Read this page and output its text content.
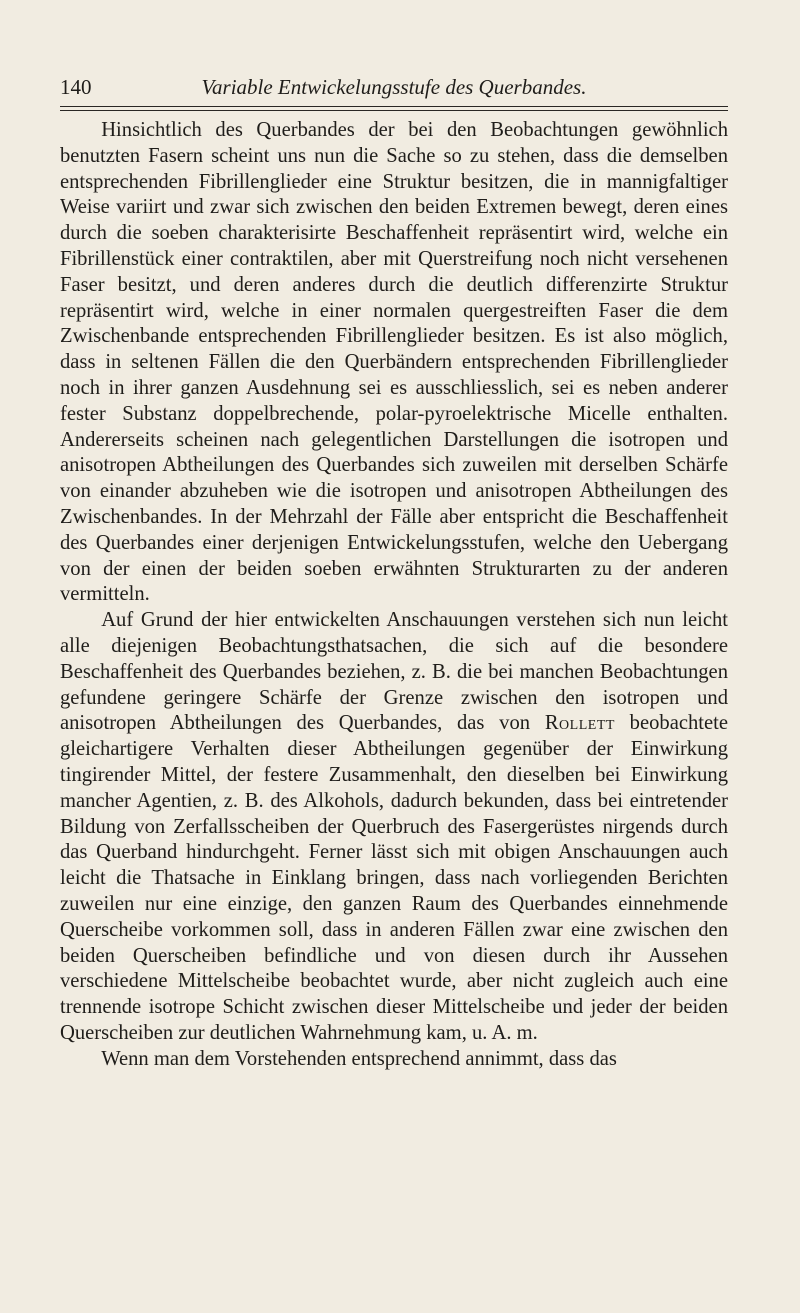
140	Variable Entwickelungsstufe des Querbandes.

Hinsichtlich des Querbandes der bei den Beobachtungen gewöhnlich benutzten Fasern scheint uns nun die Sache so zu stehen, dass die demselben entsprechenden Fibrillenglieder eine Struktur besitzen, die in mannigfaltiger Weise variirt und zwar sich zwischen den beiden Extremen bewegt, deren eines durch die soeben charakterisirte Beschaffenheit repräsentirt wird, welche ein Fibrillenstück einer contraktilen, aber mit Querstreifung noch nicht versehenen Faser besitzt, und deren anderes durch die deutlich differenzirte Struktur repräsentirt wird, welche in einer normalen quergestreiften Faser die dem Zwischenbande entsprechenden Fibrillenglieder besitzen. Es ist also möglich, dass in seltenen Fällen die den Querbändern entsprechenden Fibrillenglieder noch in ihrer ganzen Ausdehnung sei es ausschliesslich, sei es neben anderer fester Substanz doppelbrechende, polar-pyroelektrische Micelle enthalten. Andererseits scheinen nach gelegentlichen Darstellungen die isotropen und anisotropen Abtheilungen des Querbandes sich zuweilen mit derselben Schärfe von einander abzuheben wie die isotropen und anisotropen Abtheilungen des Zwischenbandes. In der Mehrzahl der Fälle aber entspricht die Beschaffenheit des Querbandes einer derjenigen Entwickelungsstufen, welche den Uebergang von der einen der beiden soeben erwähnten Strukturarten zu der anderen vermitteln.

Auf Grund der hier entwickelten Anschauungen verstehen sich nun leicht alle diejenigen Beobachtungsthatsachen, die sich auf die besondere Beschaffenheit des Querbandes beziehen, z. B. die bei manchen Beobachtungen gefundene geringere Schärfe der Grenze zwischen den isotropen und anisotropen Abtheilungen des Querbandes, das von Rollett beobachtete gleichartigere Verhalten dieser Abtheilungen gegenüber der Einwirkung tingirender Mittel, der festere Zusammenhalt, den dieselben bei Einwirkung mancher Agentien, z. B. des Alkohols, dadurch bekunden, dass bei eintretender Bildung von Zerfallsscheiben der Querbruch des Fasergerüstes nirgends durch das Querband hindurchgeht. Ferner lässt sich mit obigen Anschauungen auch leicht die Thatsache in Einklang bringen, dass nach vorliegenden Berichten zuweilen nur eine einzige, den ganzen Raum des Querbandes einnehmende Querscheibe vorkommen soll, dass in anderen Fällen zwar eine zwischen den beiden Querscheiben befindliche und von diesen durch ihr Aussehen verschiedene Mittelscheibe beobachtet wurde, aber nicht zugleich auch eine trennende isotrope Schicht zwischen dieser Mittelscheibe und jeder der beiden Querscheiben zur deutlichen Wahrnehmung kam, u. A. m.

Wenn man dem Vorstehenden entsprechend annimmt, dass das
